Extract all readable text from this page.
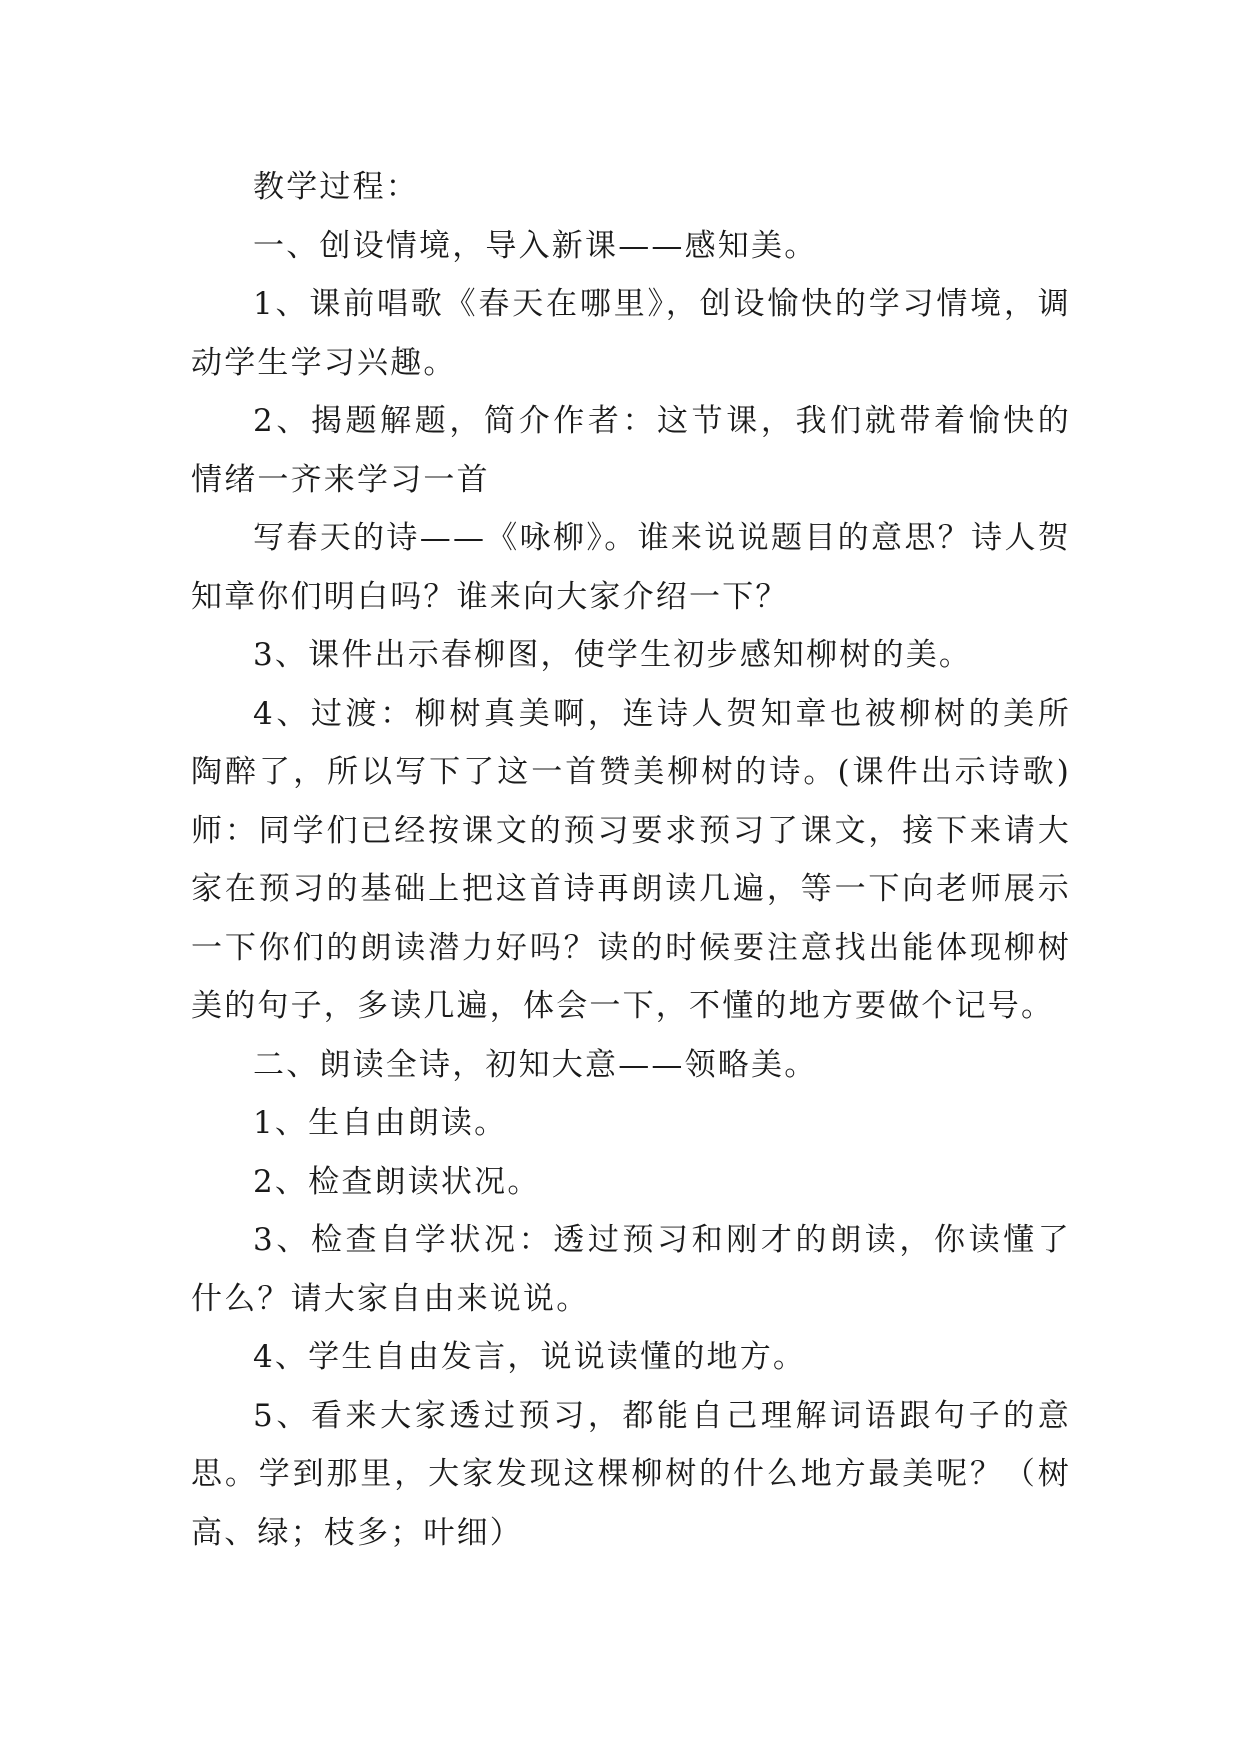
教学过程：

一、创设情境，导入新课——感知美。

1、课前唱歌《春天在哪里》，创设愉快的学习情境，调动学生学习兴趣。

2、揭题解题，简介作者：这节课，我们就带着愉快的情绪一齐来学习一首

写春天的诗——《咏柳》。谁来说说题目的意思？诗人贺知章你们明白吗？谁来向大家介绍一下？

3、课件出示春柳图，使学生初步感知柳树的美。

4、过渡：柳树真美啊，连诗人贺知章也被柳树的美所陶醉了，所以写下了这一首赞美柳树的诗。(课件出示诗歌)师：同学们已经按课文的预习要求预习了课文，接下来请大家在预习的基础上把这首诗再朗读几遍，等一下向老师展示一下你们的朗读潜力好吗？读的时候要注意找出能体现柳树美的句子，多读几遍，体会一下，不懂的地方要做个记号。

二、朗读全诗，初知大意——领略美。

1、生自由朗读。

2、检查朗读状况。

3、检查自学状况：透过预习和刚才的朗读，你读懂了什么？请大家自由来说说。

4、学生自由发言，说说读懂的地方。

5、看来大家透过预习，都能自己理解词语跟句子的意思。学到那里，大家发现这棵柳树的什么地方最美呢？（树高、绿；枝多；叶细）
